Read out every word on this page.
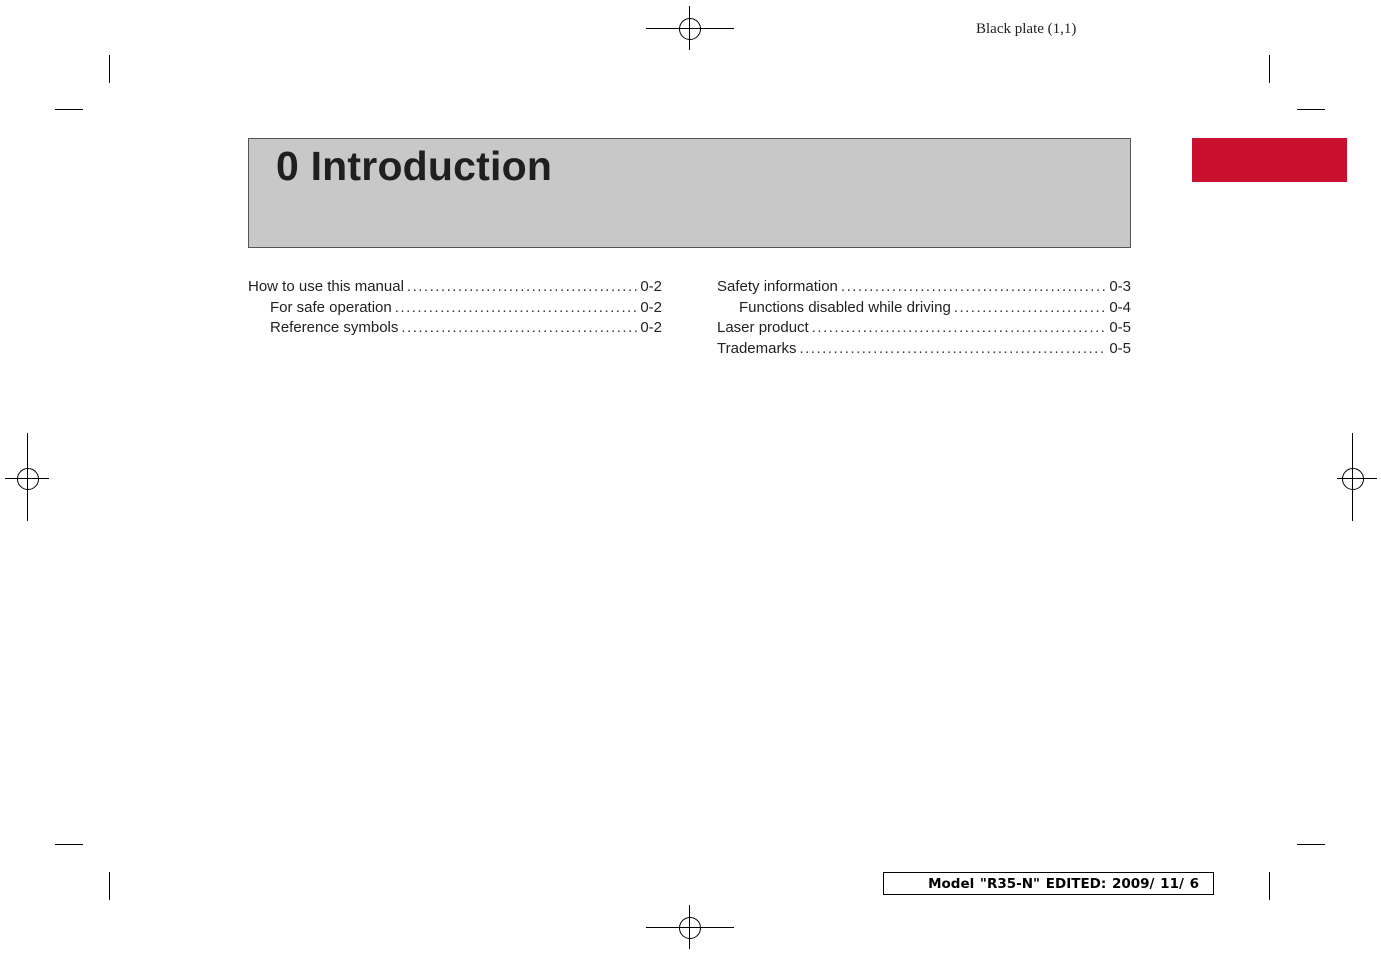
Black plate (1,1)
0 Introduction
How to use this manual .....	0-2
For safe operation .....	0-2
Reference symbols .....	0-2
Safety information .....	0-3
Functions disabled while driving .....	0-4
Laser product .....	0-5
Trademarks .....	0-5
Model "R35-N" EDITED: 2009/ 11/ 6
